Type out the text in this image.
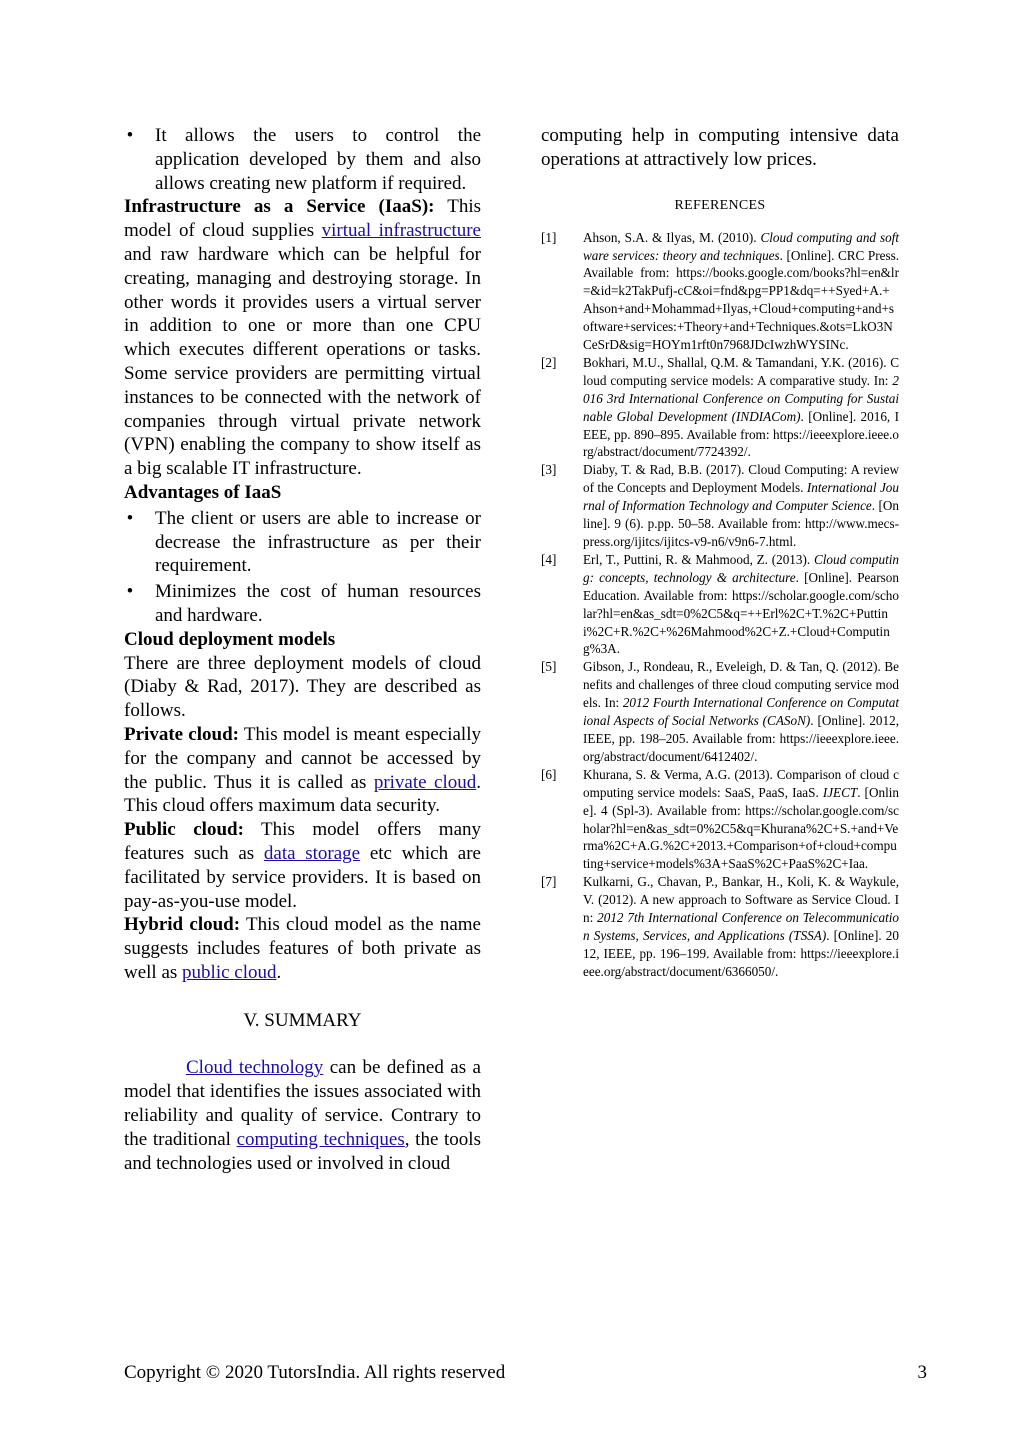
• It allows the users to control the application developed by them and also allows creating new platform if required.

Infrastructure as a Service (IaaS): This model of cloud supplies virtual infrastructure and raw hardware which can be helpful for creating, managing and destroying storage. In other words it provides users a virtual server in addition to one or more than one CPU which executes different operations or tasks. Some service providers are permitting virtual instances to be connected with the network of companies through virtual private network (VPN) enabling the company to show itself as a big scalable IT infrastructure.

Advantages of IaaS

• The client or users are able to increase or decrease the infrastructure as per their requirement.
• Minimizes the cost of human resources and hardware.

Cloud deployment models

There are three deployment models of cloud (Diaby & Rad, 2017). They are described as follows.

Private cloud: This model is meant especially for the company and cannot be accessed by the public. Thus it is called as private cloud. This cloud offers maximum data security.

Public cloud: This model offers many features such as data storage etc which are facilitated by service providers. It is based on pay-as-you-use model.

Hybrid cloud: This cloud model as the name suggests includes features of both private as well as public cloud.

V. SUMMARY

Cloud technology can be defined as a model that identifies the issues associated with reliability and quality of service. Contrary to the traditional computing techniques, the tools and technologies used or involved in cloud

computing help in computing intensive data operations at attractively low prices.

REFERENCES

[1] Ahson, S.A. & Ilyas, M. (2010). Cloud computing and software services: theory and techniques. [Online]. CRC Press. Available from: https://books.google.com/books?hl=en&lr=&id=k2TakPufj-cC&oi=fnd&pg=PP1&dq=++Syed+A.+Ahson+and+Mohammad+Ilyas,+Cloud+computing+and+software+services:+Theory+and+Techniques.&ots=LkO3NCeSrD&sig=HOYm1rft0n7968JDcIwzhWYSINc.
[2] Bokhari, M.U., Shallal, Q.M. & Tamandani, Y.K. (2016). Cloud computing service models: A comparative study. In: 2016 3rd International Conference on Computing for Sustainable Global Development (INDIACom). [Online]. 2016, IEEE, pp. 890–895. Available from: https://ieeexplore.ieee.org/abstract/document/7724392/.
[3] Diaby, T. & Rad, B.B. (2017). Cloud Computing: A review of the Concepts and Deployment Models. International Journal of Information Technology and Computer Science. [Online]. 9 (6). p.pp. 50–58. Available from: http://www.mecs-press.org/ijitcs/ijitcs-v9-n6/v9n6-7.html.
[4] Erl, T., Puttini, R. & Mahmood, Z. (2013). Cloud computing: concepts, technology & architecture. [Online]. Pearson Education. Available from: https://scholar.google.com/scholar?hl=en&as_sdt=0%2C5&q=++Erl%2C+T.%2C+Puttini%2C+R.%2C+%26Mahmood%2C+Z.+Cloud+Computing%3A.
[5] Gibson, J., Rondeau, R., Eveleigh, D. & Tan, Q. (2012). Benefits and challenges of three cloud computing service models. In: 2012 Fourth International Conference on Computational Aspects of Social Networks (CASoN). [Online]. 2012, IEEE, pp. 198–205. Available from: https://ieeexplore.ieee.org/abstract/document/6412402/.
[6] Khurana, S. & Verma, A.G. (2013). Comparison of cloud computing service models: SaaS, PaaS, IaaS. IJECT. [Online]. 4 (Spl-3). Available from: https://scholar.google.com/scholar?hl=en&as_sdt=0%2C5&q=Khurana%2C+S.+and+Verma%2C+A.G.%2C+2013.+Comparison+of+cloud+computing+service+models%3A+SaaS%2C+PaaS%2C+Iaa.
[7] Kulkarni, G., Chavan, P., Bankar, H., Koli, K. & Waykule, V. (2012). A new approach to Software as Service Cloud. In: 2012 7th International Conference on Telecommunication Systems, Services, and Applications (TSSA). [Online]. 2012, IEEE, pp. 196–199. Available from: https://ieeexplore.ieee.org/abstract/document/6366050/.
Copyright © 2020 TutorsIndia. All rights reserved	3
